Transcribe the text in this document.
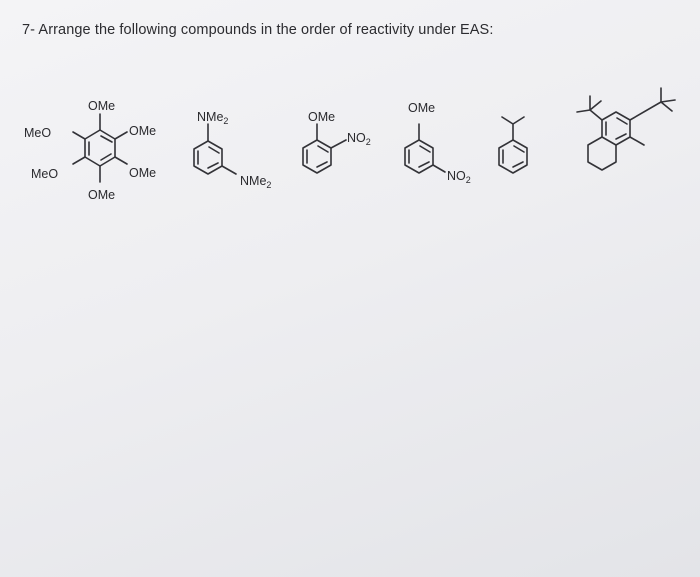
7- Arrange the following compounds in the order of reactivity under EAS:
OMe
OMe
OMe
OMe
MeO
MeO
NMe$_2$
NMe$_2$
OMe
$NO_2$
OMe
$NO_2$
